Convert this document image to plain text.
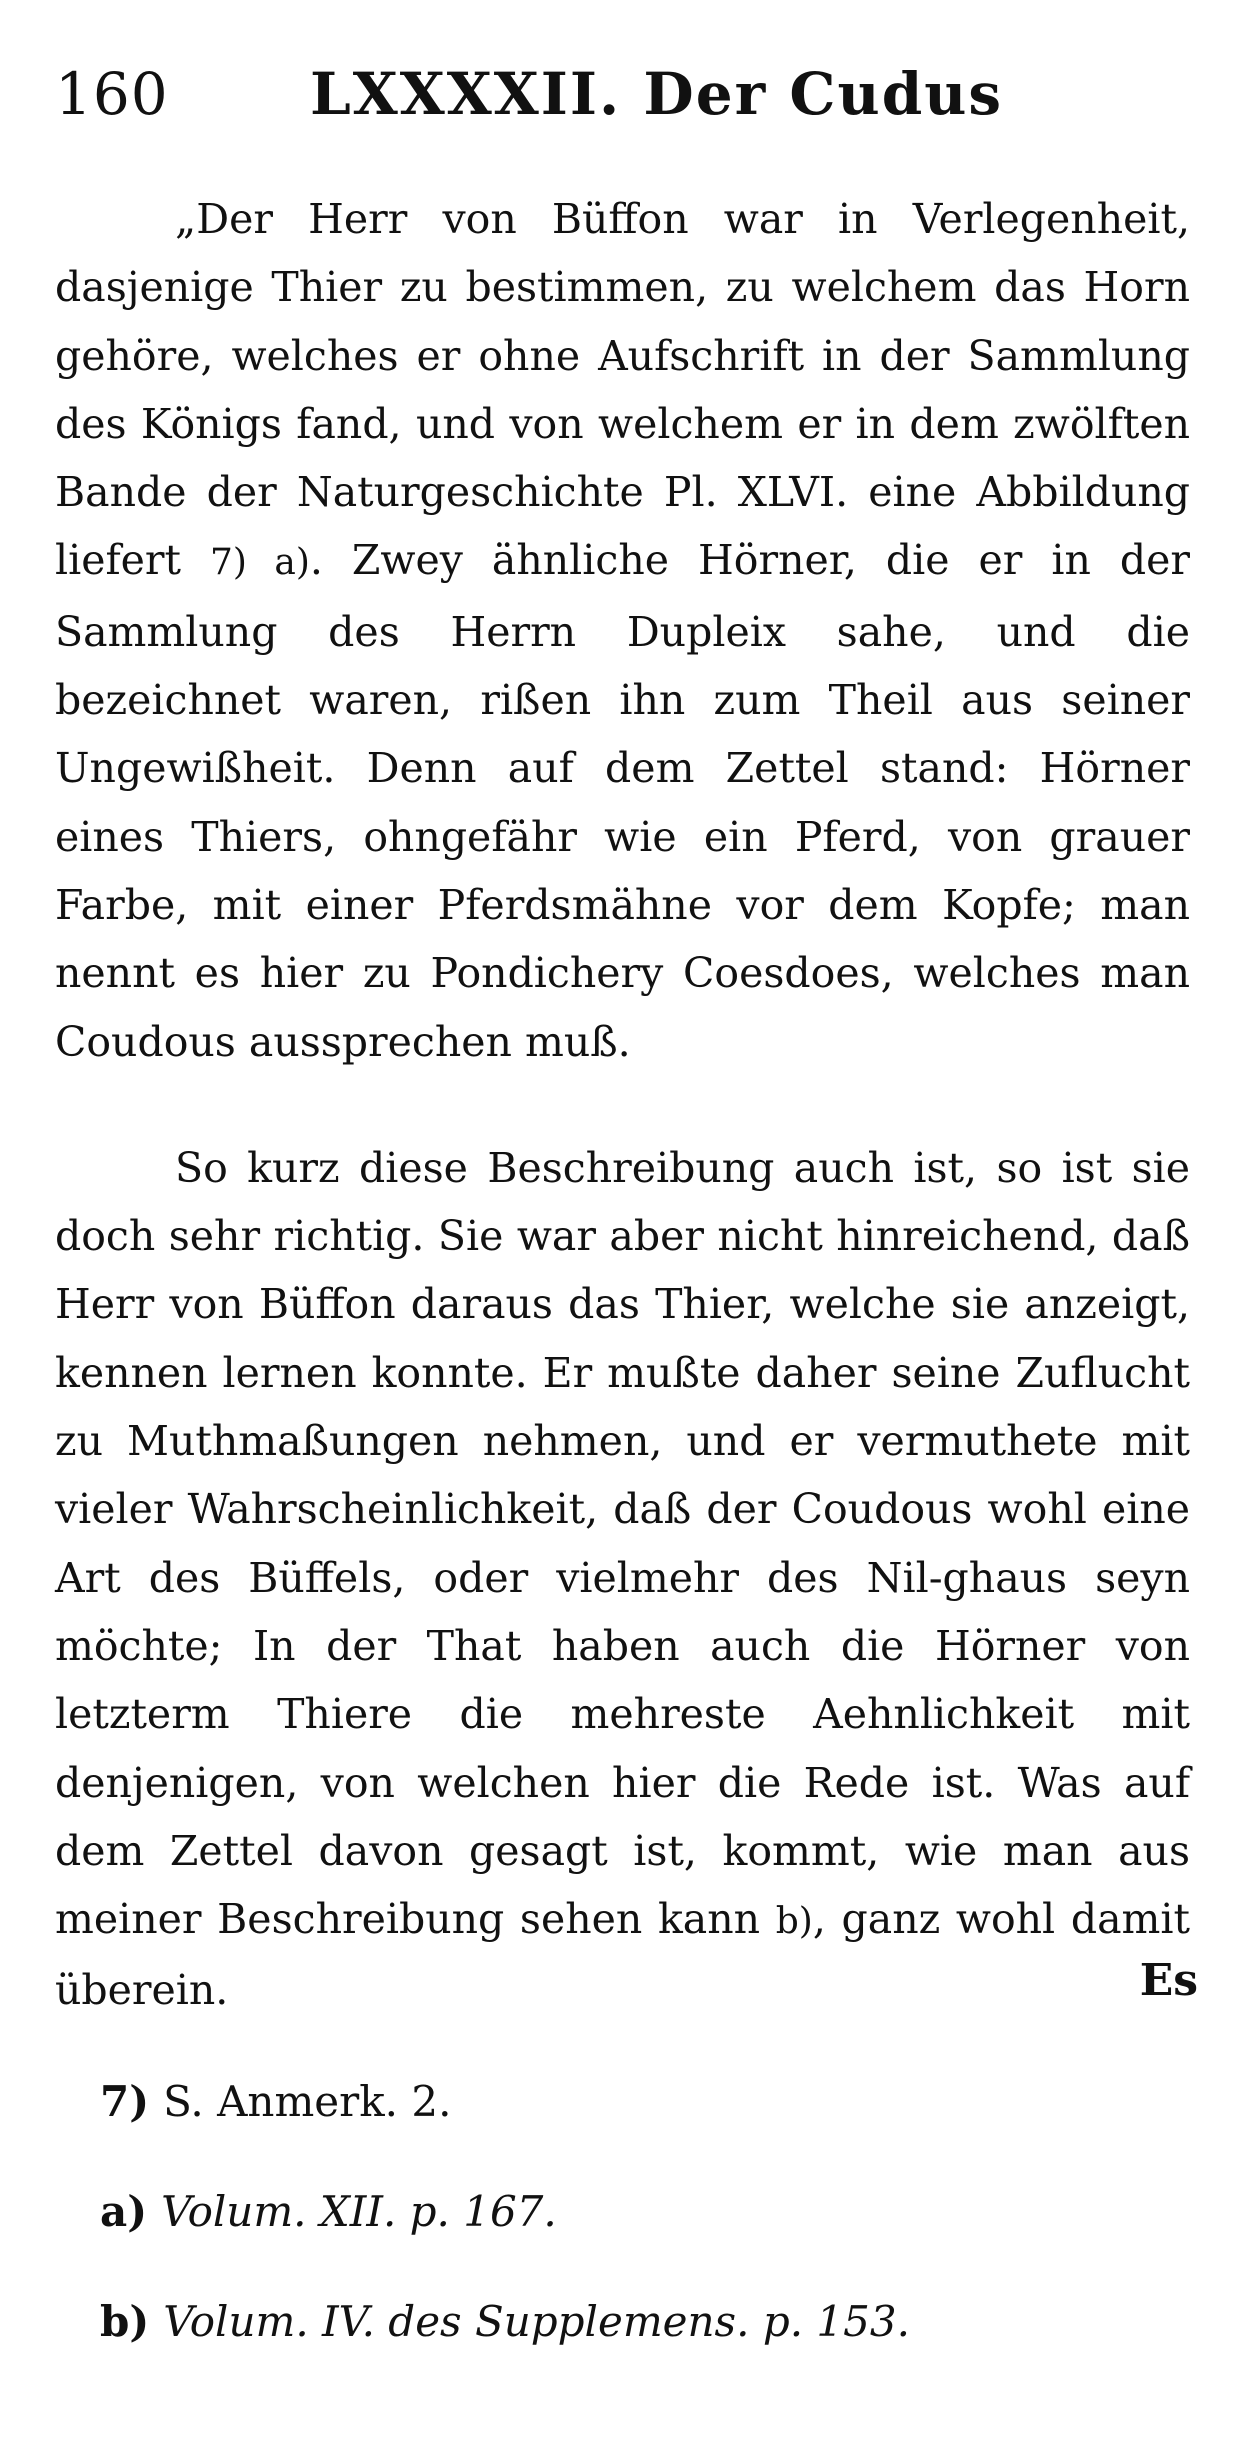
160 LXXXXII. Der Cudus

„Der Herr von Büffon war in Verlegenheit, dasjenige Thier zu bestimmen, zu welchem das Horn gehöre, welches er ohne Aufschrift in der Sammlung des Königs fand, und von welchem er in dem zwölften Bande der Naturgeschichte Pl. XLVI. eine Abbildung liefert 7) a). Zwey ähnliche Hörner, die er in der Sammlung des Herrn Dupleix sahe, und die bezeichnet waren, rißen ihn zum Theil aus seiner Ungewißheit. Denn auf dem Zettel stand: Hörner eines Thiers, ohngefähr wie ein Pferd, von grauer Farbe, mit einer Pferdsmähne vor dem Kopfe; man nennt es hier zu Pondichery Coesdoes, welches man Coudous aussprechen muß.

So kurz diese Beschreibung auch ist, so ist sie doch sehr richtig. Sie war aber nicht hinreichend, daß Herr von Büffon daraus das Thier, welche sie anzeigt, kennen lernen konnte. Er mußte daher seine Zuflucht zu Muthmaßungen nehmen, und er vermuthete mit vieler Wahrscheinlichkeit, daß der Coudous wohl eine Art des Büffels, oder vielmehr des Nil-ghaus seyn möchte; In der That haben auch die Hörner von letzterm Thiere die mehreste Aehnlichkeit mit denjenigen, von welchen hier die Rede ist. Was auf dem Zettel davon gesagt ist, kommt, wie man aus meiner Beschreibung sehen kann b), ganz wohl damit überein.	Es
7) S. Anmerk. 2.
a) Volum. XII. p. 167.
b) Volum. IV. des Supplemens. p. 153.
